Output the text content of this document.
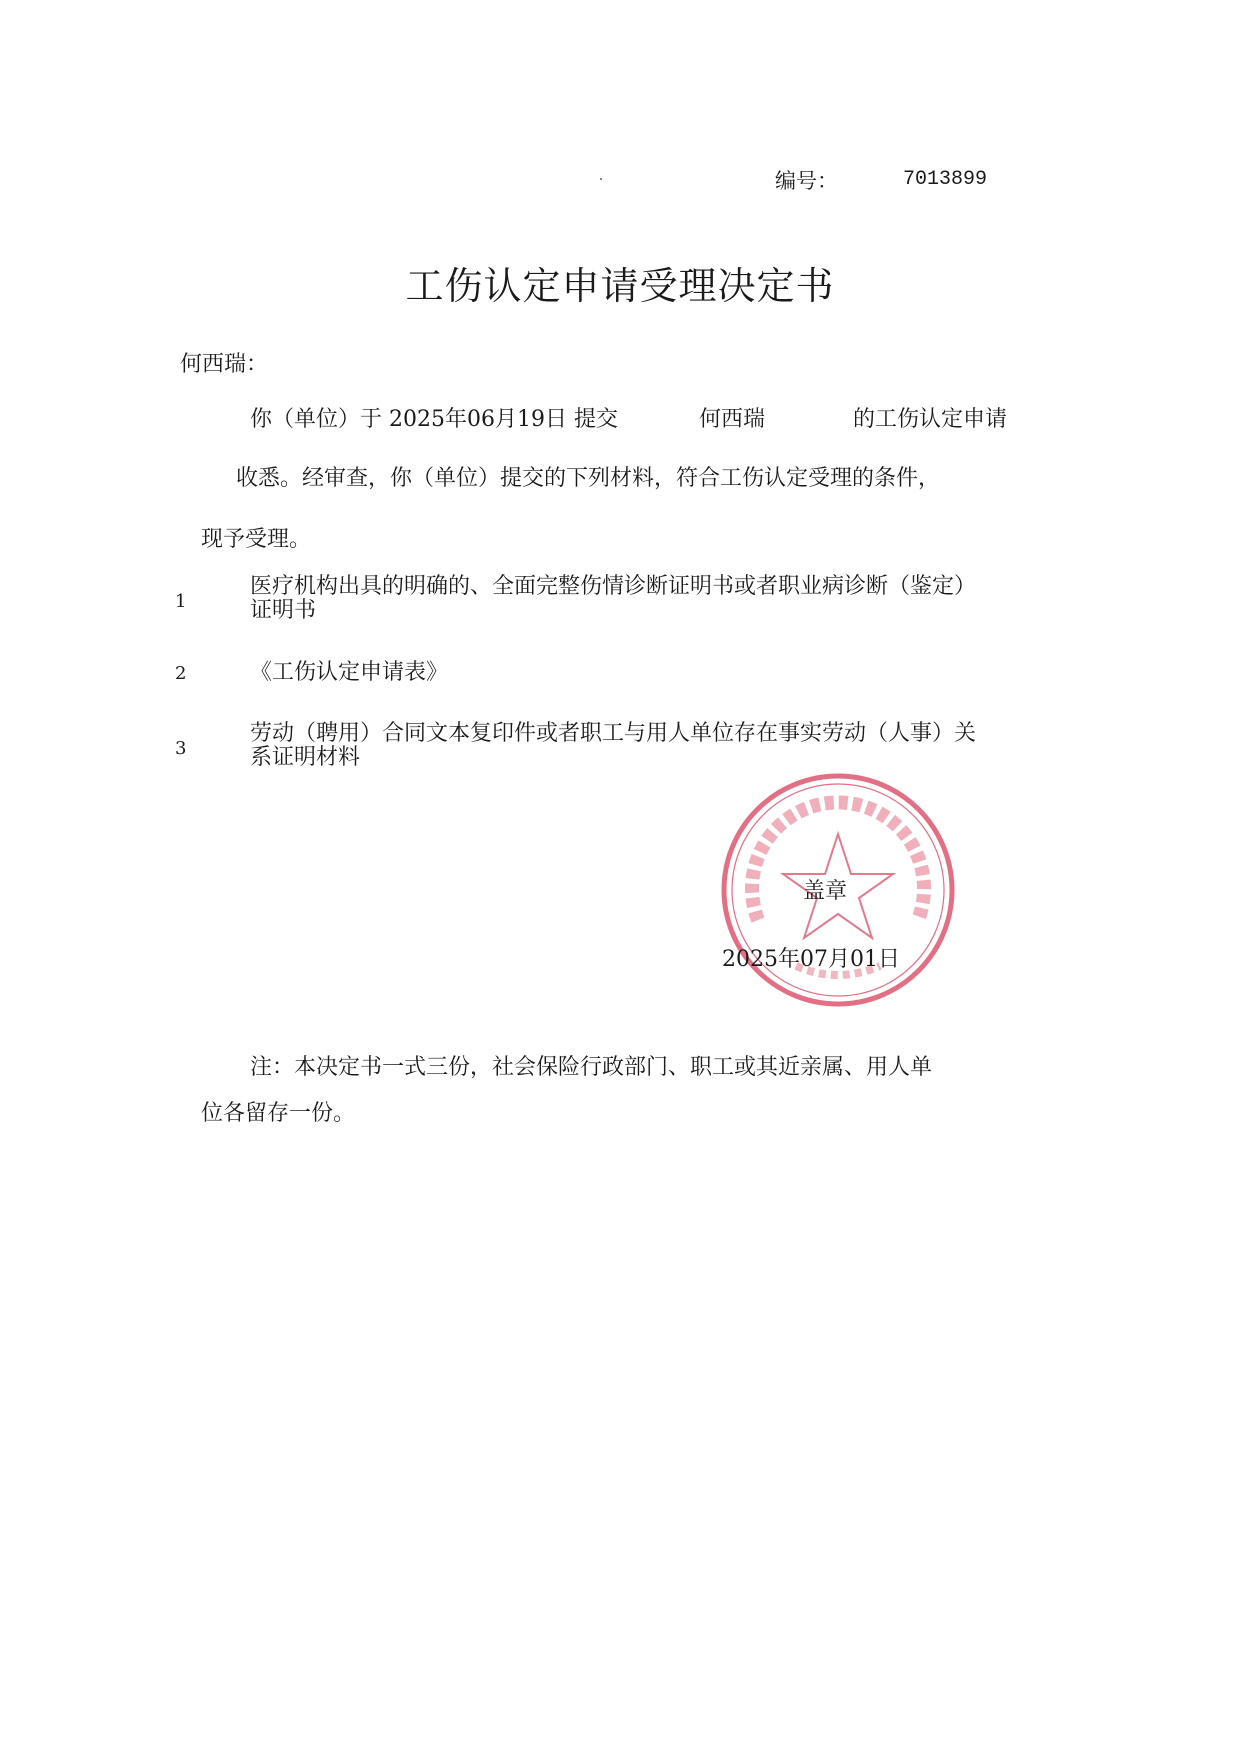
编号：	7013899
工伤认定申请受理决定书
何西瑞：
你（单位）于 2025年06月19日 提交	何西瑞	的工伤认定申请
收悉。经审查，你（单位）提交的下列材料，符合工伤认定受理的条件，
现予受理。
1
医疗机构出具的明确的、全面完整伤情诊断证明书或者职业病诊断（鉴定）
证明书
2	《工伤认定申请表》
3
劳动（聘用）合同文本复印件或者职工与用人单位存在事实劳动（人事）关
系证明材料
盖章
2025年07月01日
注：本决定书一式三份，社会保险行政部门、职工或其近亲属、用人单
位各留存一份。
